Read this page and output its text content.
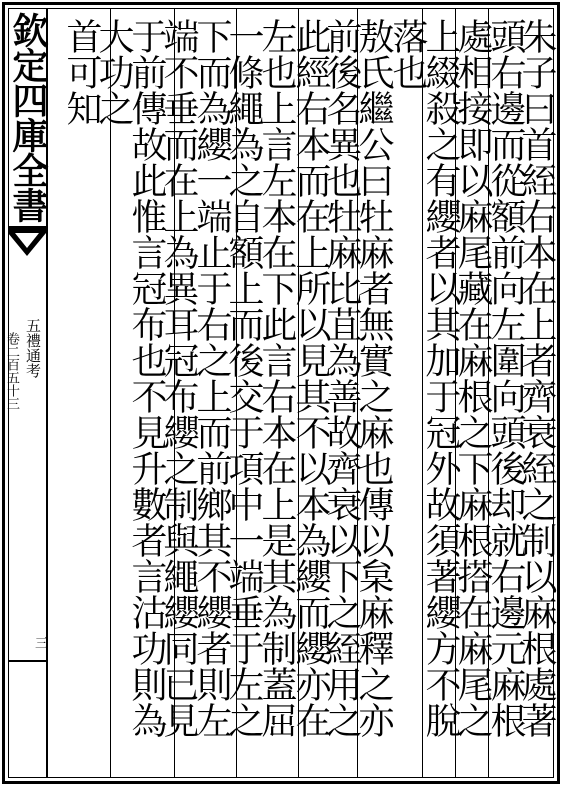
欽定四庫全書
五禮通考
卷二百五十三
三	朱子曰首絰右本在上者齊衰絰之制以麻根處著
頭右邊而從額前向左圍向頭後却就右邊元麻根
處相接即以麻尾藏在麻根之下麻根搭在麻尾之
上綴殺之有纓者以其加于冠外故須著纓方不脫
落也
敖氏繼公曰牡麻者無實之麻也傳以枲麻釋之亦
前後名異也牡麻比苴為善故齊衰以下之絰用之
此經右本而在上所以見其不以本為纓而纓亦在
左也上言左本在下此言右本在上是其為制蓋屈
一條繩為之自額上而後交于項中一端垂于左之
下而為纓一端止于右之上而前鄉其不纓者則左
端不垂而在上為異耳冠布纓之制與繩纓同已見
于前傳故此惟言冠布也不見升數者言沽功則為
大功之
首可知
